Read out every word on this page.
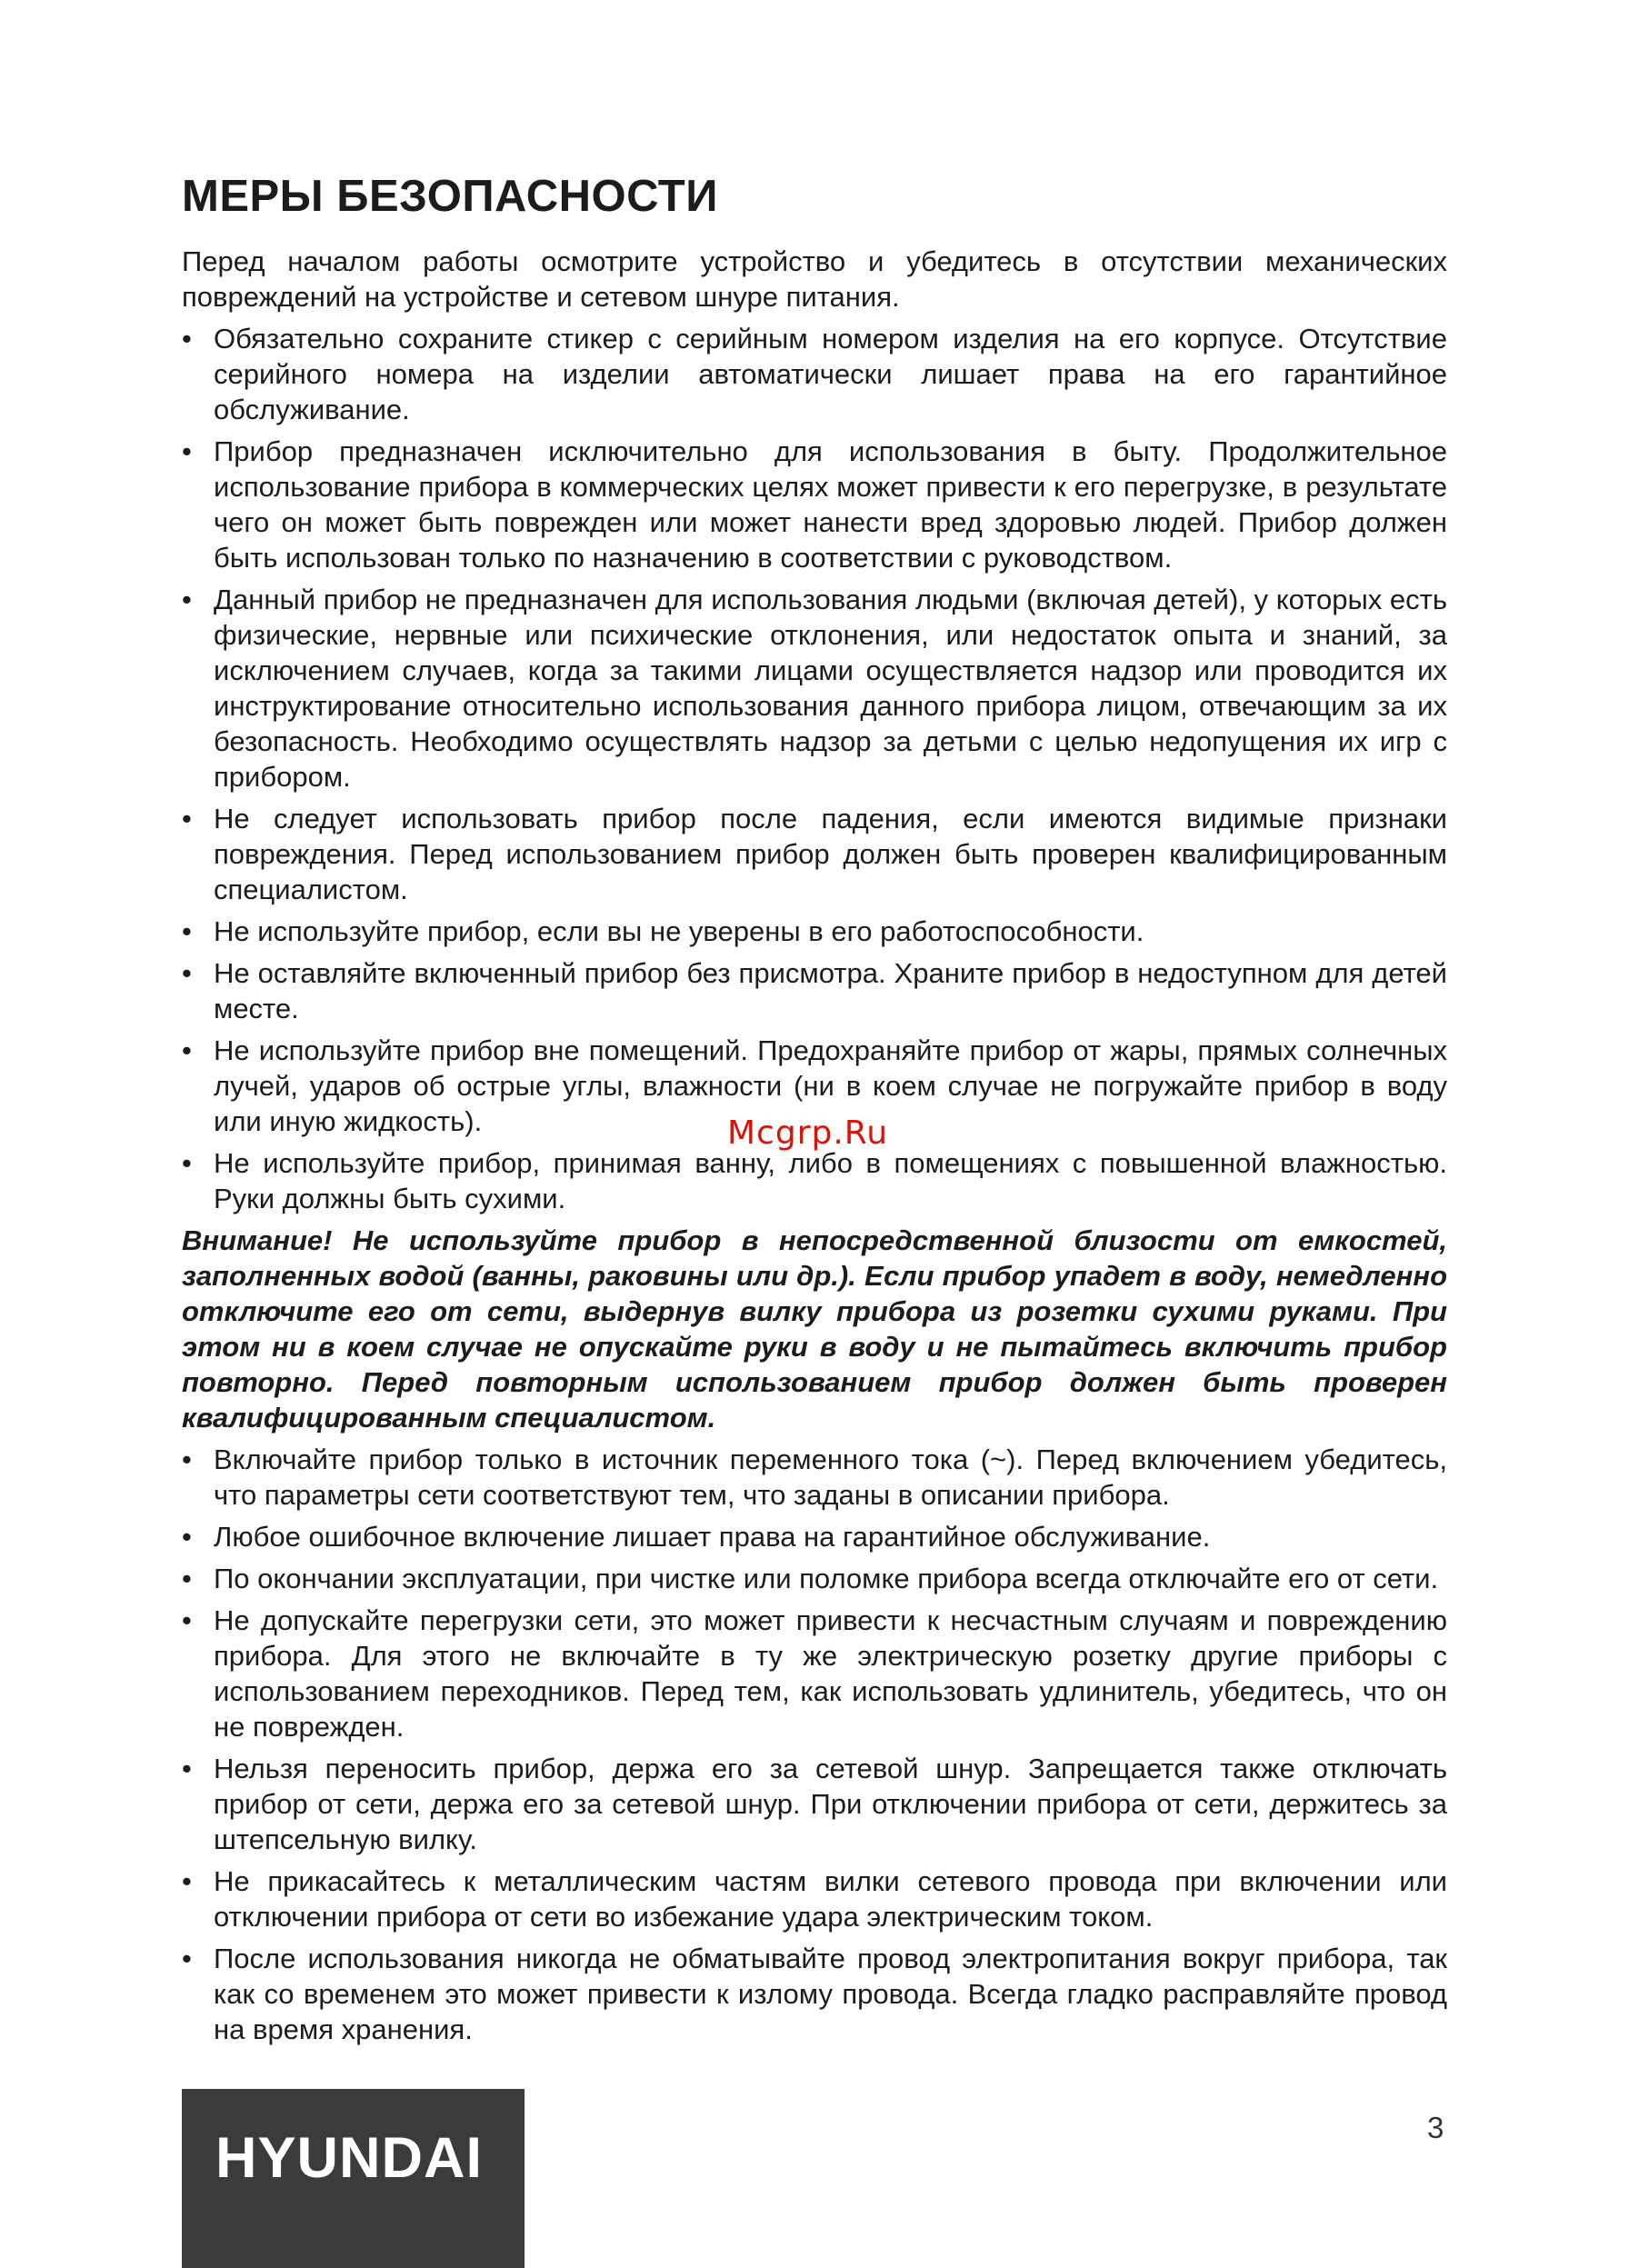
МЕРЫ БЕЗОПАСНОСТИ

Перед началом работы осмотрите устройство и убедитесь в отсутствии механических повреждений на устройстве и сетевом шнуре питания.

• Обязательно сохраните стикер с серийным номером изделия на его корпусе. Отсутствие серийного номера на изделии автоматически лишает права на его гарантийное обслуживание.
• Прибор предназначен исключительно для использования в быту. Продолжительное использование прибора в коммерческих целях может привести к его перегрузке, в результате чего он может быть поврежден или может нанести вред здоровью людей. Прибор должен быть использован только по назначению в соответствии с руководством.
• Данный прибор не предназначен для использования людьми (включая детей), у которых есть физические, нервные или психические отклонения, или недостаток опыта и знаний, за исключением случаев, когда за такими лицами осуществляется надзор или проводится их инструктирование относительно использования данного прибора лицом, отвечающим за их безопасность. Необходимо осуществлять надзор за детьми с целью недопущения их игр с прибором.
• Не следует использовать прибор после падения, если имеются видимые признаки повреждения. Перед использованием прибор должен быть проверен квалифицированным специалистом.
• Не используйте прибор, если вы не уверены в его работоспособности.
• Не оставляйте включенный прибор без присмотра. Храните прибор в недоступном для детей месте.
• Не используйте прибор вне помещений. Предохраняйте прибор от жары, прямых солнечных лучей, ударов об острые углы, влажности (ни в коем случае не погружайте прибор в воду или иную жидкость).
• Не используйте прибор, принимая ванну, либо в помещениях с повышенной влажностью. Руки должны быть сухими.

Внимание! Не используйте прибор в непосредственной близости от емкостей, заполненных водой (ванны, раковины или др.). Если прибор упадет в воду, немедленно отключите его от сети, выдернув вилку прибора из розетки сухими руками. При этом ни в коем случае не опускайте руки в воду и не пытайтесь включить прибор повторно. Перед повторным использованием прибор должен быть проверен квалифицированным специалистом.

• Включайте прибор только в источник переменного тока (~). Перед включением убедитесь, что параметры сети соответствуют тем, что заданы в описании прибора.
• Любое ошибочное включение лишает права на гарантийное обслуживание.
• По окончании эксплуатации, при чистке или поломке прибора всегда отключайте его от сети.
• Не допускайте перегрузки сети, это может привести к несчастным случаям и повреждению прибора. Для этого не включайте в ту же электрическую розетку другие приборы с использованием переходников. Перед тем, как использовать удлинитель, убедитесь, что он не поврежден.
• Нельзя переносить прибор, держа его за сетевой шнур. Запрещается также отключать прибор от сети, держа его за сетевой шнур. При отключении прибора от сети, держитесь за штепсельную вилку.
• Не прикасайтесь к металлическим частям вилки сетевого провода при включении или отключении прибора от сети во избежание удара электрическим током.
• После использования никогда не обматывайте провод электропитания вокруг прибора, так как со временем это может привести к излому провода. Всегда гладко расправляйте провод на время хранения.
Mcgrp.Ru
HYUNDAI	3
